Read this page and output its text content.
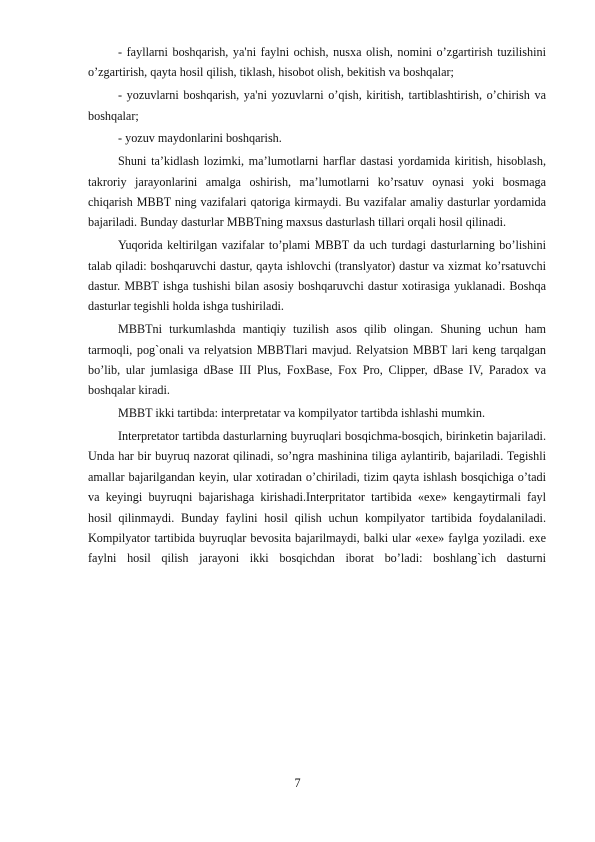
- fayllarni boshqarish, ya'ni faylni ochish, nusxa olish, nomini o’zgartirish tuzilishini o’zgartirish, qayta hosil qilish, tiklash, hisobot olish, bekitish va boshqalar;

- yozuvlarni boshqarish, ya'ni yozuvlarni o’qish, kiritish, tartiblashtirish, o’chirish va boshqalar;

- yozuv maydonlarini boshqarish.

Shuni ta’kidlash lozimki, ma’lumotlarni harflar dastasi yordamida kiritish, hisoblash, takroriy jarayonlarini amalga oshirish, ma’lumotlarni ko’rsatuv oynasi yoki bosmaga chiqarish MBBT ning vazifalari qatoriga kirmaydi. Bu vazifalar amaliy dasturlar yordamida bajariladi. Bunday dasturlar MBBTning maxsus dasturlash tillari orqali hosil qilinadi.

Yuqorida keltirilgan vazifalar to’plami MBBT da uch turdagi dasturlarning bo’lishini talab qiladi: boshqaruvchi dastur, qayta ishlovchi (translyator) dastur va xizmat ko’rsatuvchi dastur. MBBT ishga tushishi bilan asosiy boshqaruvchi dastur xotirasiga yuklanadi. Boshqa dasturlar tegishli holda ishga tushiriladi.

MBBTni turkumlashda mantiqiy tuzilish asos qilib olingan. Shuning uchun ham tarmoqli, pog`onali va relyatsion MBBTlari mavjud. Relyatsion MBBT lari keng tarqalgan bo’lib, ular jumlasiga dBase III Plus, FoxBase, Fox Pro, Clipper, dBase IV, Paradox va boshqalar kiradi.

MBBT ikki tartibda: interpretatar va kompilyator tartibda ishlashi mumkin.

Interpretator tartibda dasturlarning buyruqlari bosqichma-bosqich, birinketin bajariladi. Unda har bir buyruq nazorat qilinadi, so’ngra mashinina tiliga aylantirib, bajariladi. Tegishli amallar bajarilgandan keyin, ular xotiradan o’chiriladi, tizim qayta ishlash bosqichiga o’tadi va keyingi buyruqni bajarishaga kirishadi.Interpritator tartibida «exe» kengaytirmali fayl hosil qilinmaydi. Bunday faylini hosil qilish uchun kompilyator tartibida foydalaniladi. Kompilyator tartibida buyruqlar bevosita bajarilmaydi, balki ular «exe» faylga yoziladi. exe faylni hosil qilish jarayoni ikki bosqichdan iborat bo’ladi: boshlang`ich dasturni

7
